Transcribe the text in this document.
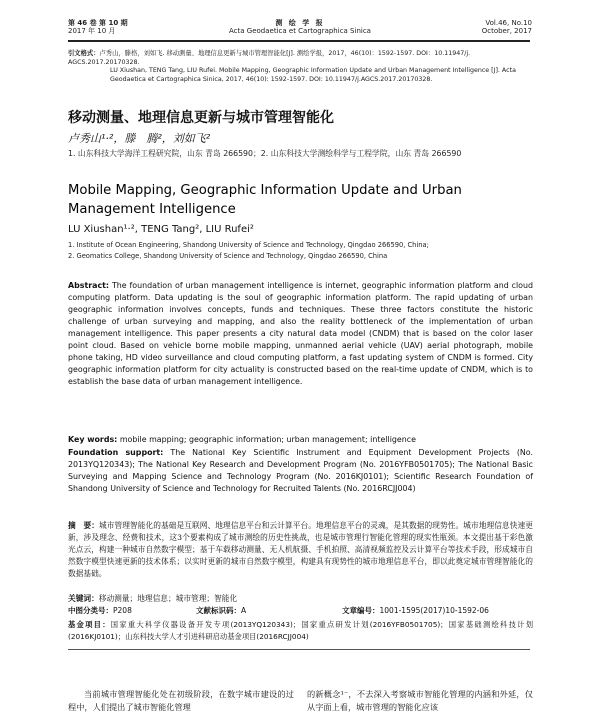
第 46 卷 第 10 期
2017 年 10 月
测 绘 学 报
Acta Geodaetica et Cartographica Sinica
Vol.46, No.10
October, 2017
引文格式：卢秀山，滕格，刘如飞. 移动测量、地理信息更新与城市管理智能化[J]. 测绘学报，2017，46(10)：1592-1597. DOI：10.11947/j. AGCS.2017.20170328.
LU Xiushan, TENG Tang, LIU Rufei. Mobile Mapping, Geographic Information Update and Urban Management Intelligence [J]. Acta Geodaetica et Cartographica Sinica, 2017, 46(10): 1592-1597. DOI: 10.11947/j.AGCS.2017.20170328.
移动测量、地理信息更新与城市管理智能化
卢秀山¹·²，滕　腾²，刘如飞²
1. 山东科技大学海洋工程研究院，山东 青岛 266590；2. 山东科技大学测绘科学与工程学院，山东 青岛 266590
Mobile Mapping, Geographic Information Update and Urban Management Intelligence
LU Xiushan¹·², TENG Tang², LIU Rufei²
1. Institute of Ocean Engineering, Shandong University of Science and Technology, Qingdao 266590, China;
2. Geomatics College, Shandong University of Science and Technology, Qingdao 266590, China
Abstract: The foundation of urban management intelligence is internet, geographic information platform and cloud computing platform. Data updating is the soul of geographic information platform. The rapid updating of urban geographic information involves concepts, funds and techniques. These three factors constitute the historic challenge of urban surveying and mapping, and also the reality bottleneck of the implementation of urban management intelligence. This paper presents a city natural data model (CNDM) that is based on the color laser point cloud. Based on vehicle borne mobile mapping, unmanned aerial vehicle (UAV) aerial photograph, mobile phone taking, HD video surveillance and cloud computing platform, a fast updating system of CNDM is formed. City geographic information platform for city actuality is constructed based on the real-time update of CNDM, which is to establish the base data of urban management intelligence.
Key words: mobile mapping; geographic information; urban management; intelligence
Foundation support: The National Key Scientific Instrument and Equipment Development Projects (No. 2013YQ120343); The National Key Research and Development Program (No. 2016YFB0501705); The National Basic Surveying and Mapping Science and Technology Program (No. 2016KJ0101); Scientific Research Foundation of Shandong University of Science and Technology for Recruited Talents (No. 2016RCJJ004)
摘　要：城市管理智能化的基础是互联网、地理信息平台和云计算平台。地理信息平台的灵魂，是其数据的现势性。城市地理信息快速更新，涉及理念、经费和技术，这3个要素构成了城市测绘的历史性挑战，也是城市管理行智能化管理的现实性瓶颈。本文提出基于彩色激光点云，构建一种城市自然数字模型；基于车载移动测量、无人机航摄、手机拍照、高清视频监控及云计算平台等技术手段，形成城市自然数字模型快速更新的技术体系；以实时更新的城市自然数字模型，构建具有现势性的城市地理信息平台，即以此奠定城市管理智能化的数据基础。
关键词：移动测量；地理信息；城市管理；智能化
中图分类号：P208	文献标识码：A	文章编号：1001-1595(2017)10-1592-06
基金项目：国家重大科学仪器设备开发专项(2013YQ120343)；国家重点研发计划(2016YFB0501705)；国家基础测绘科技计划(2016KJ0101)；山东科技大学人才引进科研启动基金项目(2016RCJJ004)
当前城市管理智能化处在初级阶段，在数字城市建设的过程中，人们提出了城市智能化管理
的新概念¹⁻，不去深入考察城市智能化管理的内涵和外延，仅从字面上看，城市管理的智能化应该
